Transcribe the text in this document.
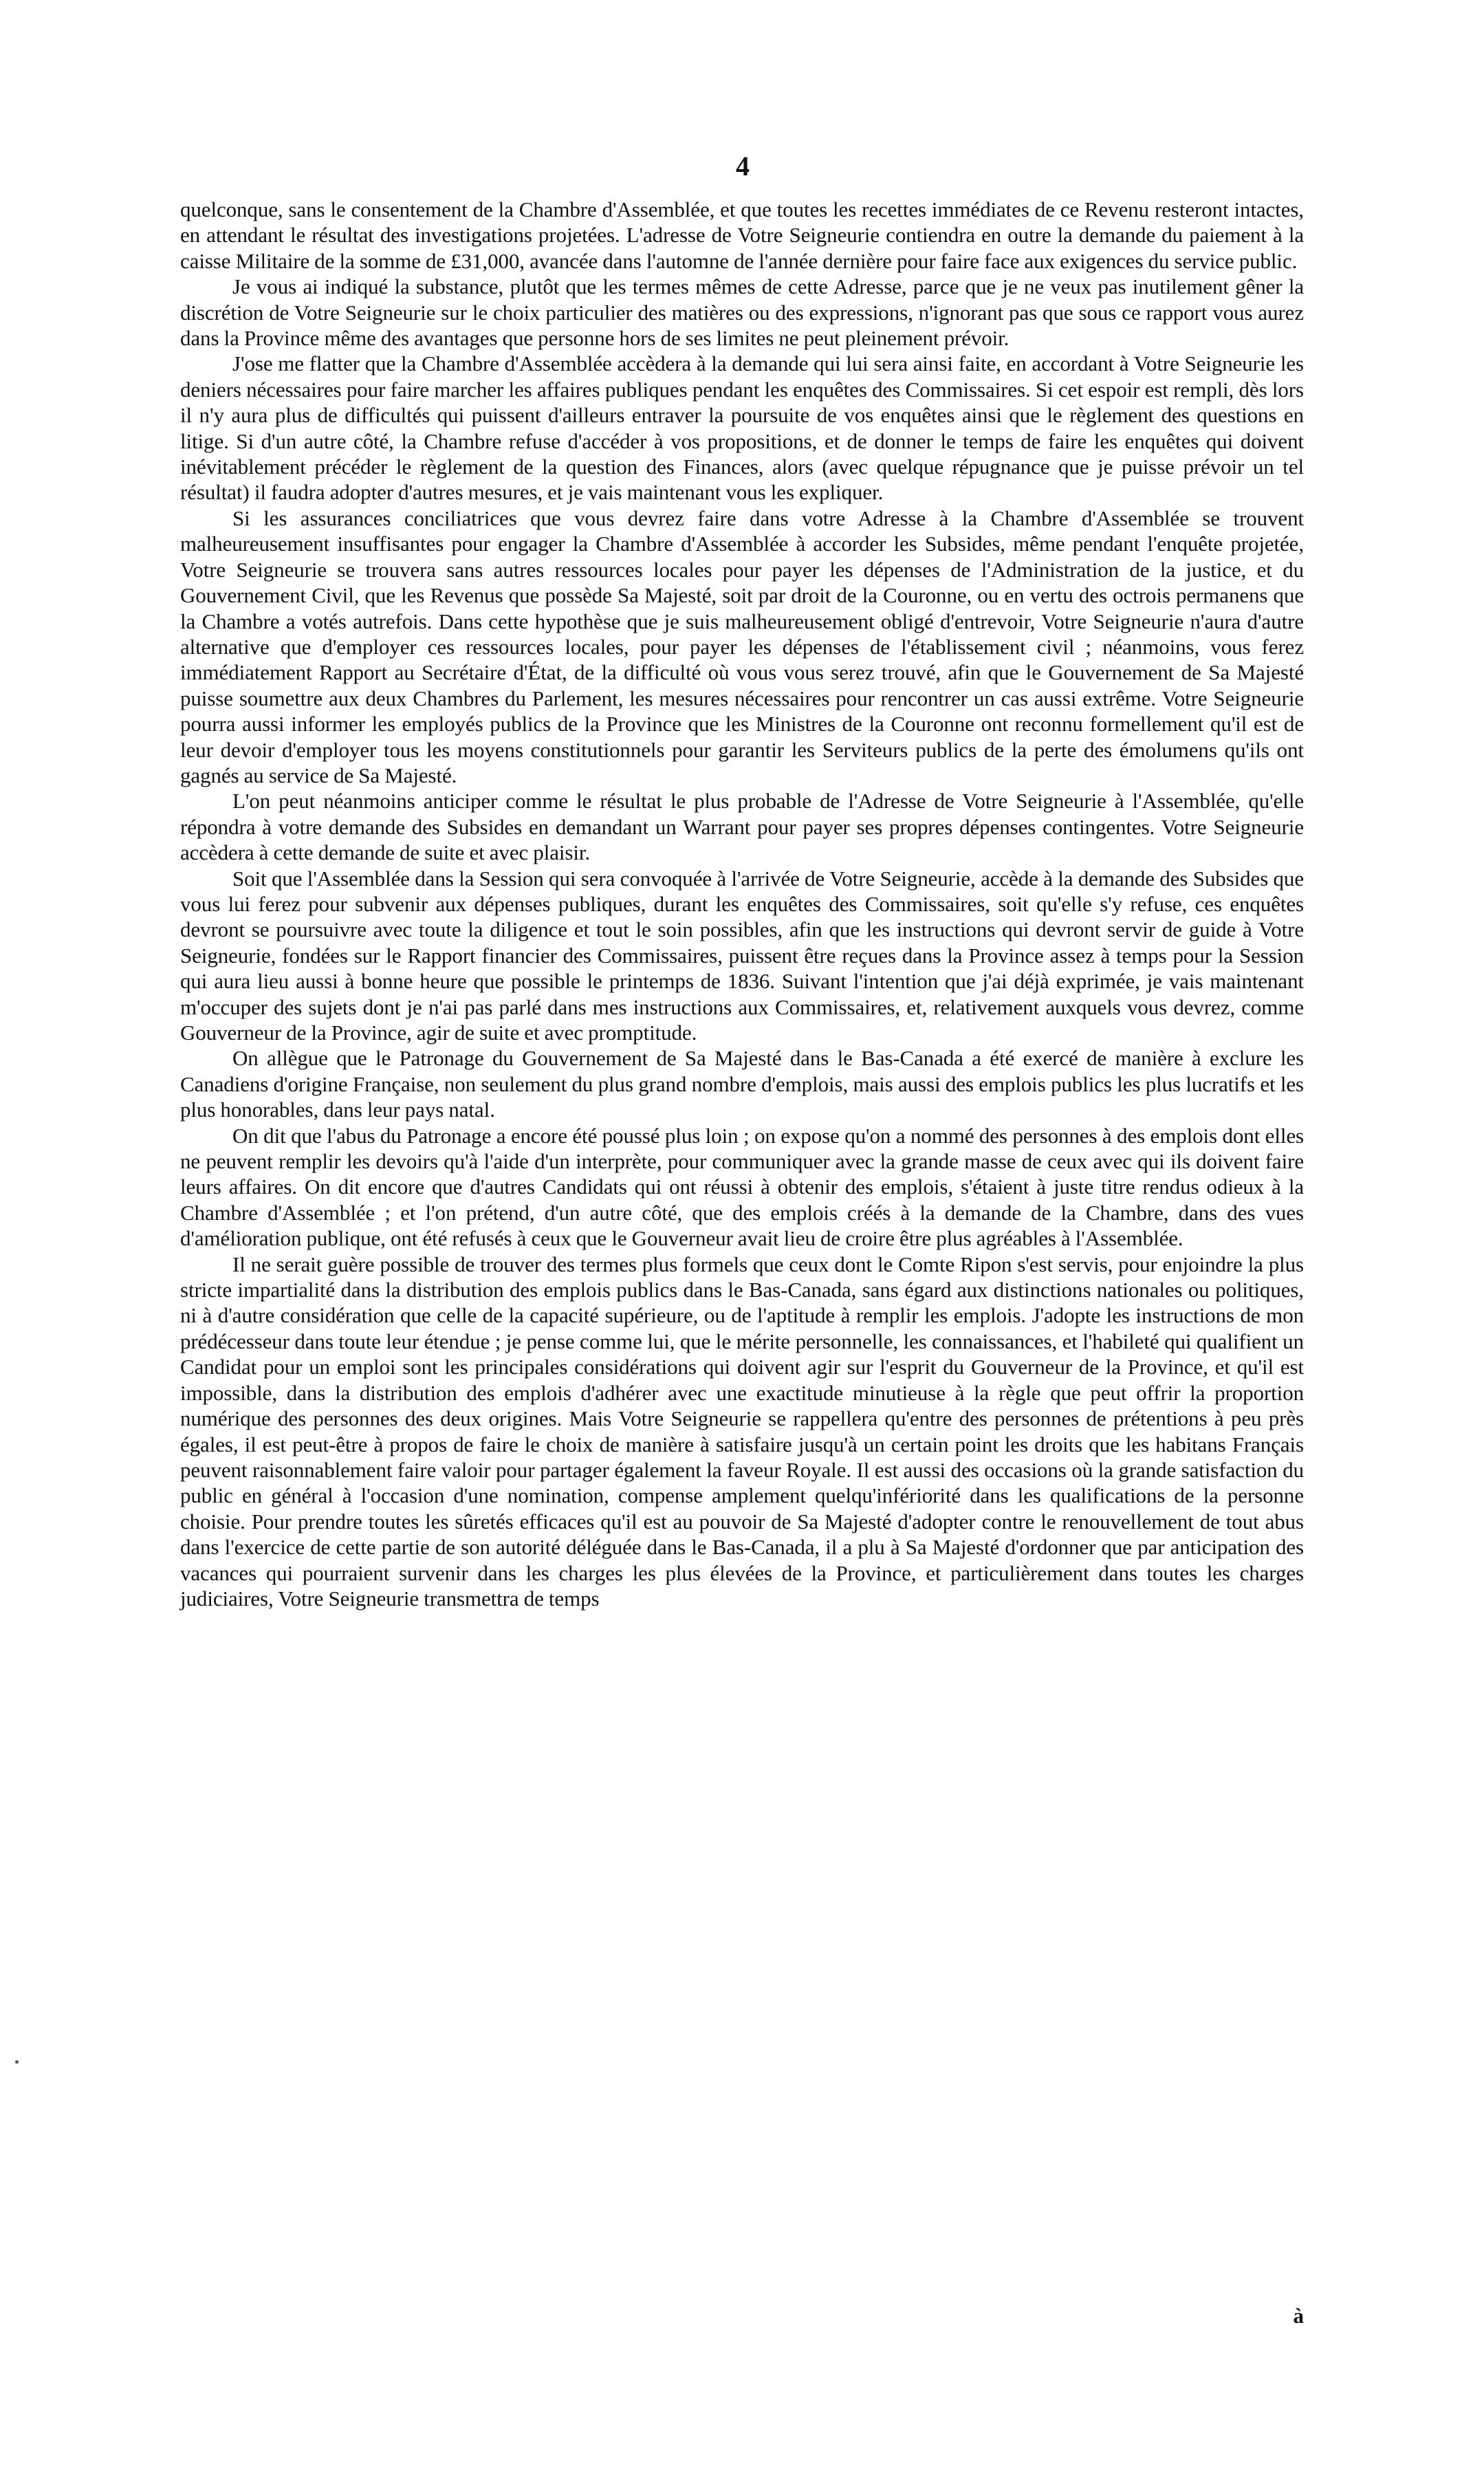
4

quelconque, sans le consentement de la Chambre d'Assemblée, et que toutes les recettes immédiates de ce Revenu resteront intactes, en attendant le résultat des investigations projetées. L'adresse de Votre Seigneurie contiendra en outre la demande du paiement à la caisse Militaire de la somme de £31,000, avancée dans l'automne de l'année dernière pour faire face aux exigences du service public.

Je vous ai indiqué la substance, plutôt que les termes mêmes de cette Adresse, parce que je ne veux pas inutilement gêner la discrétion de Votre Seigneurie sur le choix particulier des matières ou des expressions, n'ignorant pas que sous ce rapport vous aurez dans la Province même des avantages que personne hors de ses limites ne peut pleinement prévoir.

J'ose me flatter que la Chambre d'Assemblée accèdera à la demande qui lui sera ainsi faite, en accordant à Votre Seigneurie les deniers nécessaires pour faire marcher les affaires publiques pendant les enquêtes des Commissaires. Si cet espoir est rempli, dès lors il n'y aura plus de difficultés qui puissent d'ailleurs entraver la poursuite de vos enquêtes ainsi que le règlement des questions en litige. Si d'un autre côté, la Chambre refuse d'accéder à vos propositions, et de donner le temps de faire les enquêtes qui doivent inévitablement précéder le règlement de la question des Finances, alors (avec quelque répugnance que je puisse prévoir un tel résultat) il faudra adopter d'autres mesures, et je vais maintenant vous les expliquer.

Si les assurances conciliatrices que vous devrez faire dans votre Adresse à la Chambre d'Assemblée se trouvent malheureusement insuffisantes pour engager la Chambre d'Assemblée à accorder les Subsides, même pendant l'enquête projetée, Votre Seigneurie se trouvera sans autres ressources locales pour payer les dépenses de l'Administration de la justice, et du Gouvernement Civil, que les Revenus que possède Sa Majesté, soit par droit de la Couronne, ou en vertu des octrois permanens que la Chambre a votés autrefois. Dans cette hypothèse que je suis malheureusement obligé d'entrevoir, Votre Seigneurie n'aura d'autre alternative que d'employer ces ressources locales, pour payer les dépenses de l'établissement civil ; néanmoins, vous ferez immédiatement Rapport au Secrétaire d'État, de la difficulté où vous vous serez trouvé, afin que le Gouvernement de Sa Majesté puisse soumettre aux deux Chambres du Parlement, les mesures nécessaires pour rencontrer un cas aussi extrême. Votre Seigneurie pourra aussi informer les employés publics de la Province que les Ministres de la Couronne ont reconnu formellement qu'il est de leur devoir d'employer tous les moyens constitutionnels pour garantir les Serviteurs publics de la perte des émolumens qu'ils ont gagnés au service de Sa Majesté.

L'on peut néanmoins anticiper comme le résultat le plus probable de l'Adresse de Votre Seigneurie à l'Assemblée, qu'elle répondra à votre demande des Subsides en demandant un Warrant pour payer ses propres dépenses contingentes. Votre Seigneurie accèdera à cette demande de suite et avec plaisir.

Soit que l'Assemblée dans la Session qui sera convoquée à l'arrivée de Votre Seigneurie, accède à la demande des Subsides que vous lui ferez pour subvenir aux dépenses publiques, durant les enquêtes des Commissaires, soit qu'elle s'y refuse, ces enquêtes devront se poursuivre avec toute la diligence et tout le soin possibles, afin que les instructions qui devront servir de guide à Votre Seigneurie, fondées sur le Rapport financier des Commissaires, puissent être reçues dans la Province assez à temps pour la Session qui aura lieu aussi à bonne heure que possible le printemps de 1836. Suivant l'intention que j'ai déjà exprimée, je vais maintenant m'occuper des sujets dont je n'ai pas parlé dans mes instructions aux Commissaires, et, relativement auxquels vous devrez, comme Gouverneur de la Province, agir de suite et avec promptitude.

On allègue que le Patronage du Gouvernement de Sa Majesté dans le Bas-Canada a été exercé de manière à exclure les Canadiens d'origine Française, non seulement du plus grand nombre d'emplois, mais aussi des emplois publics les plus lucratifs et les plus honorables, dans leur pays natal.

On dit que l'abus du Patronage a encore été poussé plus loin ; on expose qu'on a nommé des personnes à des emplois dont elles ne peuvent remplir les devoirs qu'à l'aide d'un interprète, pour communiquer avec la grande masse de ceux avec qui ils doivent faire leurs affaires. On dit encore que d'autres Candidats qui ont réussi à obtenir des emplois, s'étaient à juste titre rendus odieux à la Chambre d'Assemblée ; et l'on prétend, d'un autre côté, que des emplois créés à la demande de la Chambre, dans des vues d'amélioration publique, ont été refusés à ceux que le Gouverneur avait lieu de croire être plus agréables à l'Assemblée.

Il ne serait guère possible de trouver des termes plus formels que ceux dont le Comte Ripon s'est servis, pour enjoindre la plus stricte impartialité dans la distribution des emplois publics dans le Bas-Canada, sans égard aux distinctions nationales ou politiques, ni à d'autre considération que celle de la capacité supérieure, ou de l'aptitude à remplir les emplois. J'adopte les instructions de mon prédécesseur dans toute leur étendue ; je pense comme lui, que le mérite personnelle, les connaissances, et l'habileté qui qualifient un Candidat pour un emploi sont les principales considérations qui doivent agir sur l'esprit du Gouverneur de la Province, et qu'il est impossible, dans la distribution des emplois d'adhérer avec une exactitude minutieuse à la règle que peut offrir la proportion numérique des personnes des deux origines. Mais Votre Seigneurie se rappellera qu'entre des personnes de prétentions à peu près égales, il est peut-être à propos de faire le choix de manière à satisfaire jusqu'à un certain point les droits que les habitans Français peuvent raisonnablement faire valoir pour partager également la faveur Royale. Il est aussi des occasions où la grande satisfaction du public en général à l'occasion d'une nomination, compense amplement quelqu'infériorité dans les qualifications de la personne choisie. Pour prendre toutes les sûretés efficaces qu'il est au pouvoir de Sa Majesté d'adopter contre le renouvellement de tout abus dans l'exercice de cette partie de son autorité déléguée dans le Bas-Canada, il a plu à Sa Majesté d'ordonner que par anticipation des vacances qui pourraient survenir dans les charges les plus élevées de la Province, et particulièrement dans toutes les charges judiciaires, Votre Seigneurie transmettra de temps

à
